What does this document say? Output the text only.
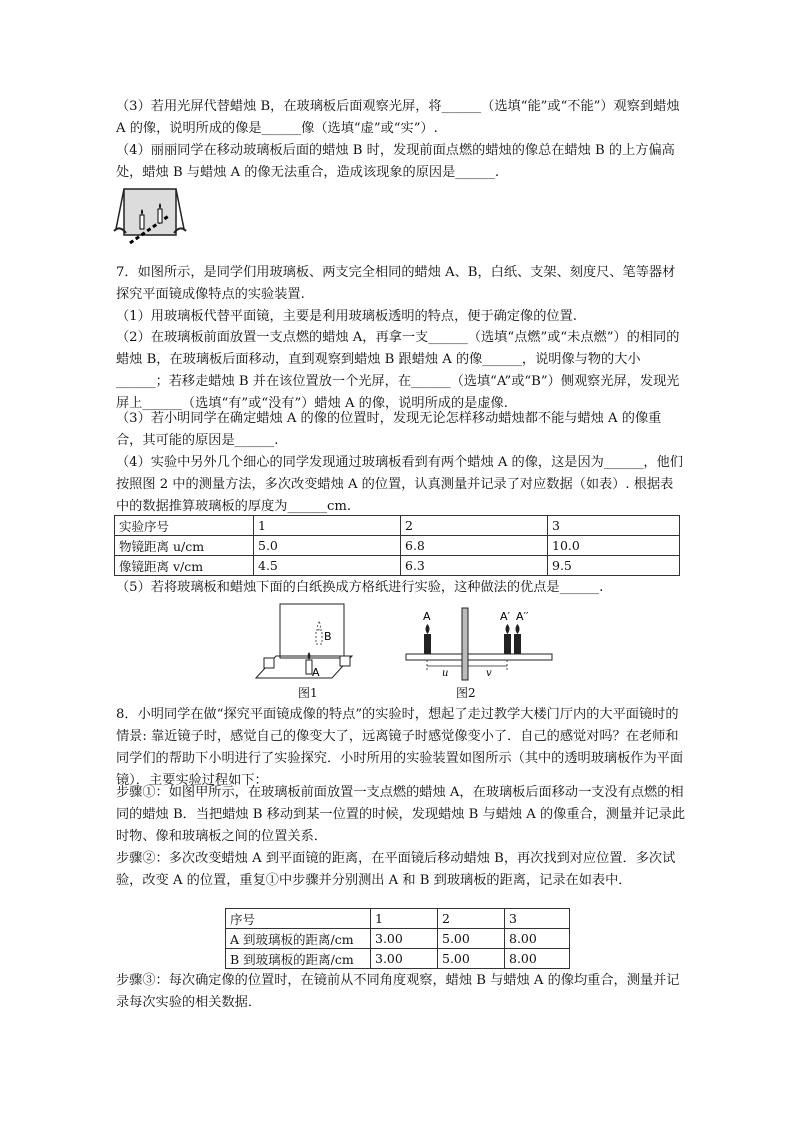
（3）若用光屏代替蜡烛 B，在玻璃板后面观察光屏，将______（选填“能”或“不能”）观察到蜡烛 A 的像，说明所成的像是______像（选填“虚”或“实”）.

（4）丽丽同学在移动玻璃板后面的蜡烛 B 时，发现前面点燃的蜡烛的像总在蜡烛 B 的上方偏高处，蜡烛 B 与蜡烛 A 的像无法重合，造成该现象的原因是______.

7．如图所示，是同学们用玻璃板、两支完全相同的蜡烛 A、B，白纸、支架、刻度尺、笔等器材探究平面镜成像特点的实验装置.

（1）用玻璃板代替平面镜，主要是利用玻璃板透明的特点，便于确定像的位置.

（2）在玻璃板前面放置一支点燃的蜡烛 A，再拿一支______（选填“点燃”或“未点燃”）的相同的蜡烛 B，在玻璃板后面移动，直到观察到蜡烛 B 跟蜡烛 A 的像______，说明像与物的大小______；若移走蜡烛 B 并在该位置放一个光屏，在______（选填“A”或“B”）侧观察光屏，发现光屏上______（选填“有”或“没有”）蜡烛 A 的像，说明所成的是虚像.

（3）若小明同学在确定蜡烛 A 的像的位置时，发现无论怎样移动蜡烛都不能与蜡烛 A 的像重合，其可能的原因是______.

（4）实验中另外几个细心的同学发现通过玻璃板看到有两个蜡烛 A 的像，这是因为______，他们按照图 2 中的测量方法，多次改变蜡烛 A 的位置，认真测量并记录了对应数据（如表）. 根据表中的数据推算玻璃板的厚度为______cm.

实验序号	1	2	3
物镜距离 u/cm	5.0	6.8	10.0
像镜距离 v/cm	4.5	6.3	9.5

（5）若将玻璃板和蜡烛下面的白纸换成方格纸进行实验，这种做法的优点是______.

B
A
图1
A	A′ A′′
u	v
图2

8．小明同学在做“探究平面镜成像的特点”的实验时，想起了走过教学大楼门厅内的大平面镜时的情景: 靠近镜子时，感觉自己的像变大了，远离镜子时感觉像变小了．自己的感觉对吗？在老师和同学们的帮助下小明进行了实验探究．小时所用的实验装置如图所示（其中的透明玻璃板作为平面镜）．主要实验过程如下：

步骤①：如图甲所示，在玻璃板前面放置一支点燃的蜡烛 A，在玻璃板后面移动一支没有点燃的相同的蜡烛 B．当把蜡烛 B 移动到某一位置的时候，发现蜡烛 B 与蜡烛 A 的像重合，测量并记录此时物、像和玻璃板之间的位置关系．

步骤②：多次改变蜡烛 A 到平面镜的距离，在平面镜后移动蜡烛 B，再次找到对应位置．多次试验，改变 A 的位置，重复①中步骤并分别测出 A 和 B 到玻璃板的距离，记录在如表中．

序号	1	2	3
A 到玻璃板的距离/cm	3.00	5.00	8.00
B 到玻璃板的距离/cm	3.00	5.00	8.00

步骤③：每次确定像的位置时，在镜前从不同角度观察，蜡烛 B 与蜡烛 A 的像均重合，测量并记录每次实验的相关数据．
